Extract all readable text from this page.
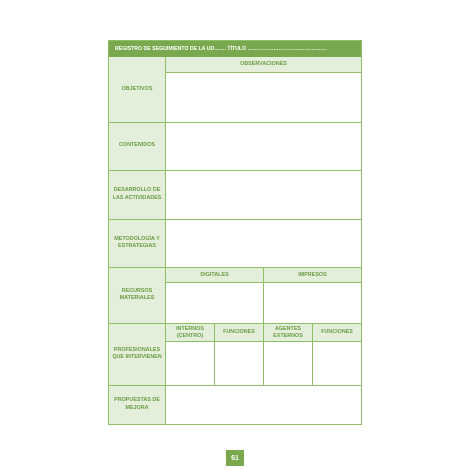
REGISTRO DE SEGUIMIENTO DE LA UD……. TÍTULO ……………………………………….
OBJETIVOS
CONTENIDOS
DESARROLLO DE LAS ACTIVIDADES
METODOLOGÍA Y ESTRATEGIAS
RECURSOS MATERIALES
PROFESIONALES QUE INTERVIENEN
PROPUESTAS DE MEJORA
OBSERVACIONES
DIGITALES	IMPRESOS
INTERNOS (CENTRO)
FUNCIONES
AGENTES EXTERNOS
FUNCIONES
61
